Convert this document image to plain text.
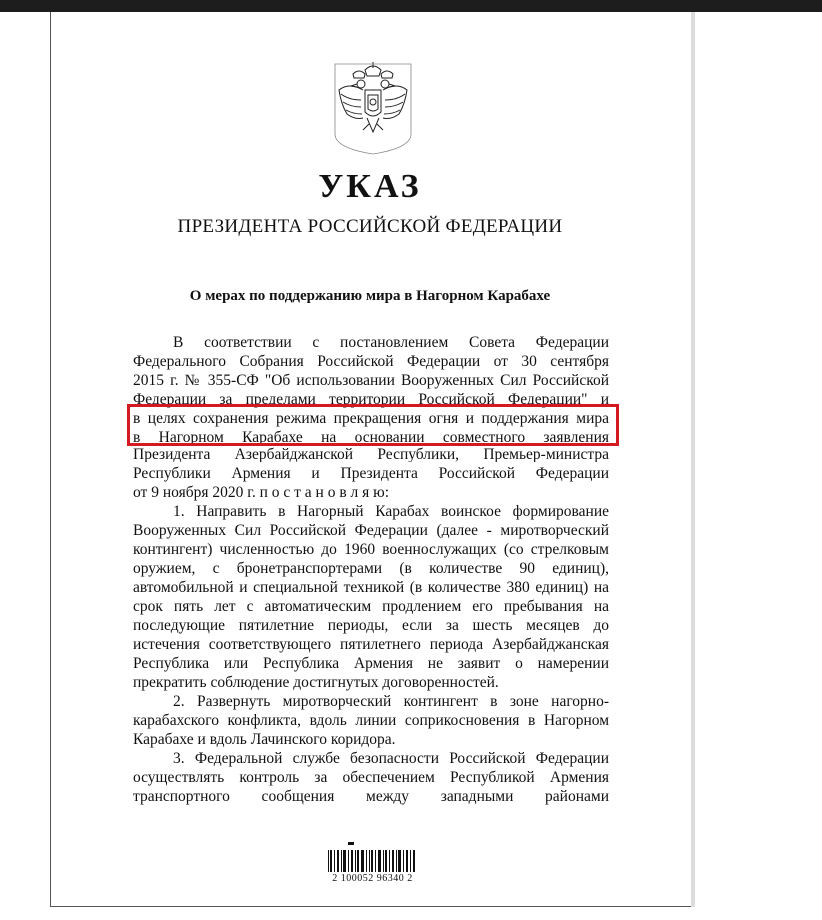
УКАЗ
ПРЕЗИДЕНТА РОССИЙСКОЙ ФЕДЕРАЦИИ
О мерах по поддержанию мира в Нагорном Карабахе
В соответствии с постановлением Совета Федерации
Федерального Собрания Российской Федерации от 30 сентября
2015 г. № 355-СФ "Об использовании Вооруженных Сил Российской
Федерации за пределами территории Российской Федерации" и
в целях сохранения режима прекращения огня и поддержания мира
в Нагорном Карабахе на основании совместного заявления
Президента Азербайджанской Республики, Премьер-министра
Республики Армения и Президента Российской Федерации
от 9 ноября 2020 г. п о с т а н о в л я ю:
1. Направить в Нагорный Карабах воинское формирование
Вооруженных Сил Российской Федерации (далее - миротворческий
контингент) численностью до 1960 военнослужащих (со стрелковым
оружием, с бронетранспортерами (в количестве 90 единиц),
автомобильной и специальной техникой (в количестве 380 единиц) на
срок пять лет с автоматическим продлением его пребывания на
последующие пятилетние периоды, если за шесть месяцев до
истечения соответствующего пятилетнего периода Азербайджанская
Республика или Республика Армения не заявит о намерении
прекратить соблюдение достигнутых договоренностей.
2. Развернуть миротворческий контингент в зоне нагорно-
карабахского конфликта, вдоль линии соприкосновения в Нагорном
Карабахе и вдоль Лачинского коридора.
3. Федеральной службе безопасности Российской Федерации
осуществлять контроль за обеспечением Республикой Армения
транспортного сообщения между западными районами
2 100052 96340 2
